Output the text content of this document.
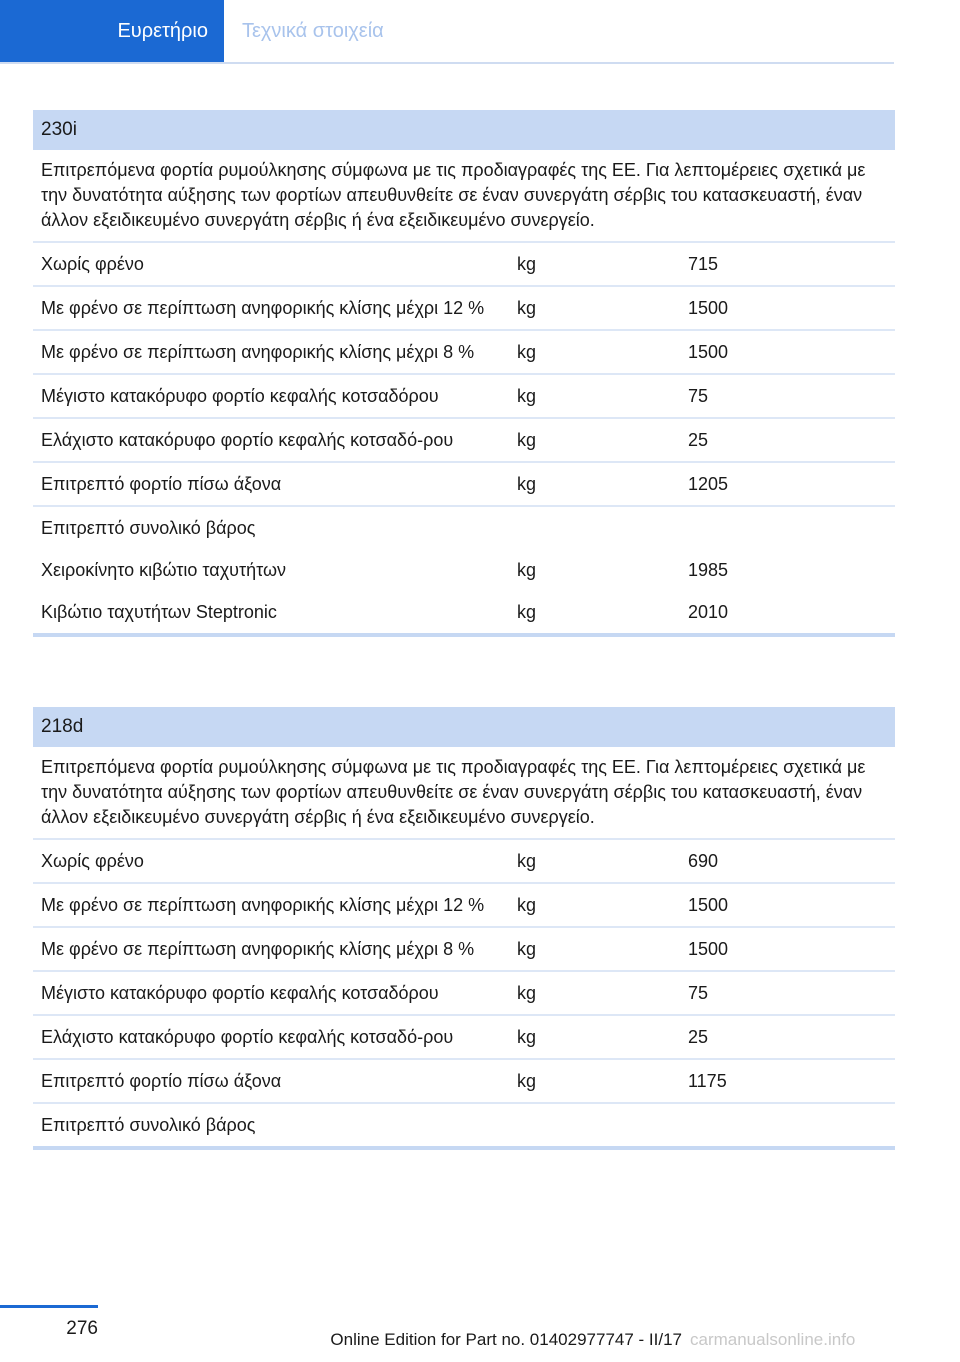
Ευρετήριο	Τεχνικά στοιχεία
230i
Επιτρεπόμενα φορτία ρυμούλκησης σύμφωνα με τις προδιαγραφές της ΕΕ. Για λεπτομέρειες σχετικά με την δυνατότητα αύξησης των φορτίων απευθυνθείτε σε έναν συνεργάτη σέρβις του κατασκευαστή, έναν άλλον εξειδικευμένο συνεργάτη σέρβις ή ένα εξειδικευμένο συνεργείο.
Χωρίς φρένο	kg	715
Με φρένο σε περίπτωση ανηφορικής κλίσης μέχρι 12 %	kg	1500
Με φρένο σε περίπτωση ανηφορικής κλίσης μέχρι 8 %	kg	1500
Μέγιστο κατακόρυφο φορτίο κεφαλής κοτσαδόρου	kg	75
Ελάχιστο κατακόρυφο φορτίο κεφαλής κοτσαδό-ρου	kg	25
Επιτρεπτό φορτίο πίσω άξονα	kg	1205
Επιτρεπτό συνολικό βάρος
Χειροκίνητο κιβώτιο ταχυτήτων	kg	1985
Κιβώτιο ταχυτήτων Steptronic	kg	2010
218d
Επιτρεπόμενα φορτία ρυμούλκησης σύμφωνα με τις προδιαγραφές της ΕΕ. Για λεπτομέρειες σχετικά με την δυνατότητα αύξησης των φορτίων απευθυνθείτε σε έναν συνεργάτη σέρβις του κατασκευαστή, έναν άλλον εξειδικευμένο συνεργάτη σέρβις ή ένα εξειδικευμένο συνεργείο.
Χωρίς φρένο	kg	690
Με φρένο σε περίπτωση ανηφορικής κλίσης μέχρι 12 %	kg	1500
Με φρένο σε περίπτωση ανηφορικής κλίσης μέχρι 8 %	kg	1500
Μέγιστο κατακόρυφο φορτίο κεφαλής κοτσαδόρου	kg	75
Ελάχιστο κατακόρυφο φορτίο κεφαλής κοτσαδό-ρου	kg	25
Επιτρεπτό φορτίο πίσω άξονα	kg	1175
Επιτρεπτό συνολικό βάρος
276
Online Edition for Part no. 01402977747 - II/17 carmanualsonline.info
